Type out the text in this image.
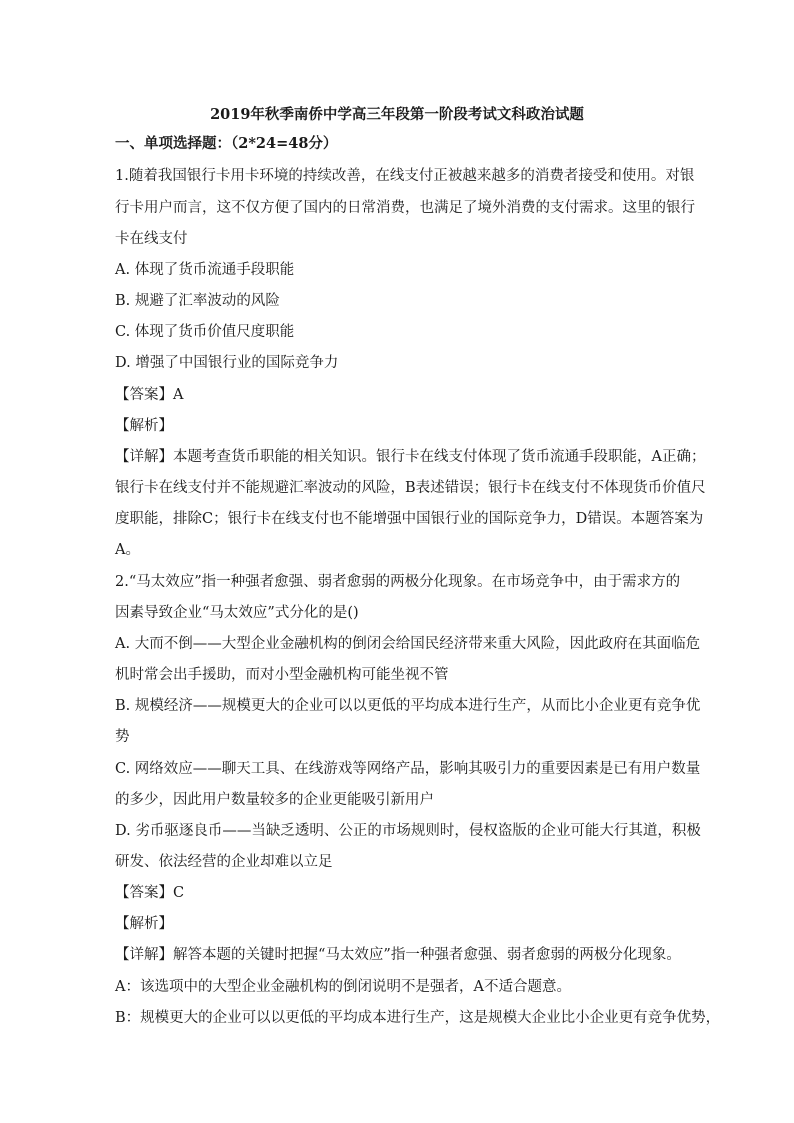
2019年秋季南侨中学高三年段第一阶段考试文科政治试题
一、单项选择题：（2*24=48分）
1.随着我国银行卡用卡环境的持续改善，在线支付正被越来越多的消费者接受和使用。对银
行卡用户而言，这不仅方便了国内的日常消费，也满足了境外消费的支付需求。这里的银行
卡在线支付
A. 体现了货币流通手段职能
B. 规避了汇率波动的风险
C. 体现了货币价值尺度职能
D. 增强了中国银行业的国际竞争力
【答案】A
【解析】
【详解】本题考查货币职能的相关知识。银行卡在线支付体现了货币流通手段职能，A正确；
银行卡在线支付并不能规避汇率波动的风险，B表述错误；银行卡在线支付不体现货币价值尺
度职能，排除C；银行卡在线支付也不能增强中国银行业的国际竞争力，D错误。本题答案为
A。
2.“马太效应”指一种强者愈强、弱者愈弱的两极分化现象。在市场竞争中，由于需求方的
因素导致企业“马太效应”式分化的是()
A. 大而不倒——大型企业金融机构的倒闭会给国民经济带来重大风险，因此政府在其面临危
机时常会出手援助，而对小型金融机构可能坐视不管
B. 规模经济——规模更大的企业可以以更低的平均成本进行生产，从而比小企业更有竞争优
势
C. 网络效应——聊天工具、在线游戏等网络产品，影响其吸引力的重要因素是已有用户数量
的多少，因此用户数量较多的企业更能吸引新用户
D. 劣币驱逐良币——当缺乏透明、公正的市场规则时，侵权盗版的企业可能大行其道，积极
研发、依法经营的企业却难以立足
【答案】C
【解析】
【详解】解答本题的关键时把握“马太效应”指一种强者愈强、弱者愈弱的两极分化现象。
A：该选项中的大型企业金融机构的倒闭说明不是强者，A不适合题意。
B：规模更大的企业可以以更低的平均成本进行生产，这是规模大企业比小企业更有竞争优势，
